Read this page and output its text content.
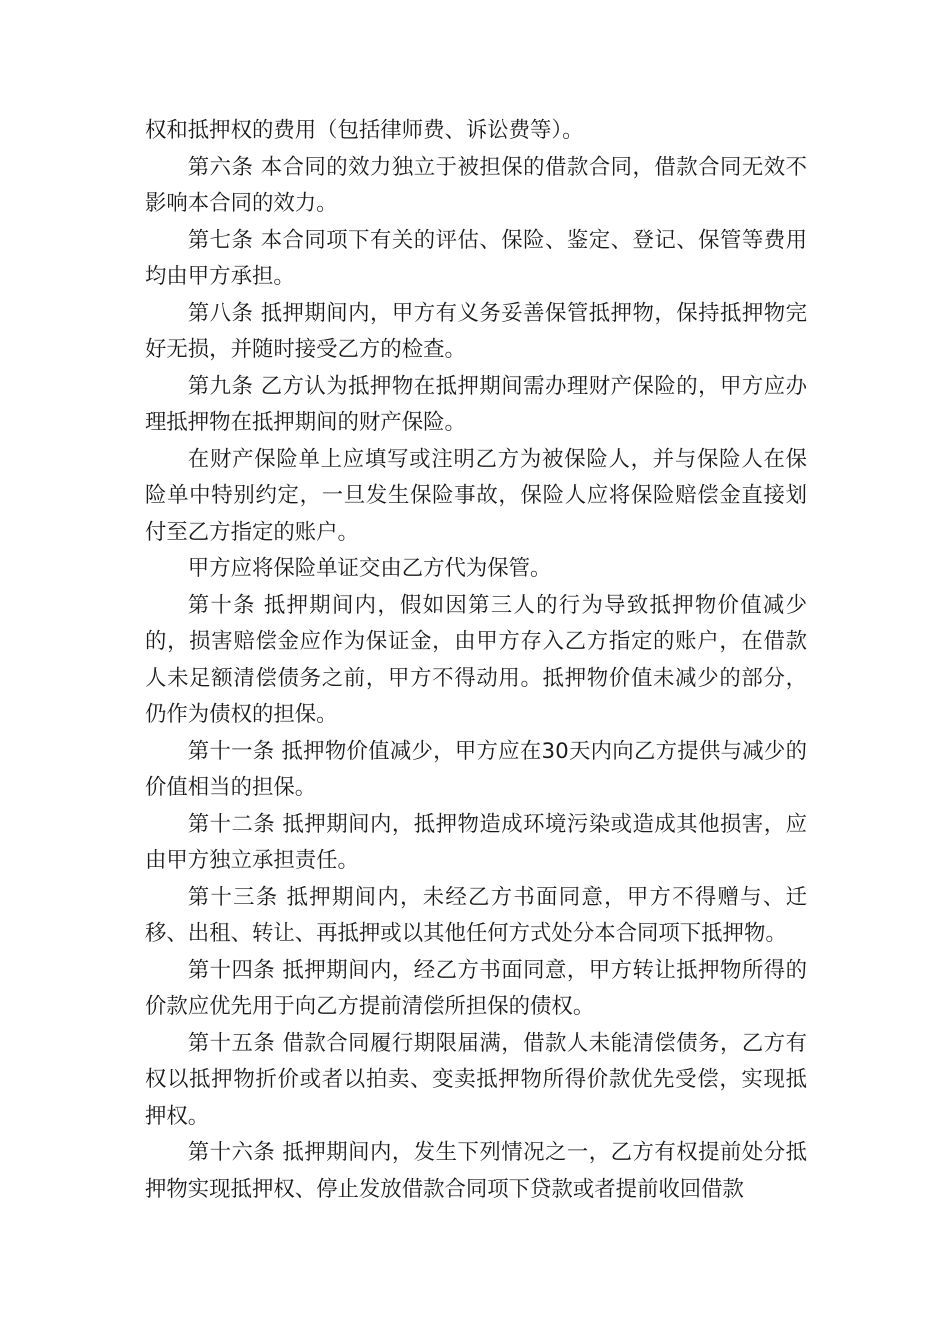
权和抵押权的费用（包括律师费、诉讼费等）。

第六条 本合同的效力独立于被担保的借款合同，借款合同无效不影响本合同的效力。

第七条 本合同项下有关的评估、保险、鉴定、登记、保管等费用均由甲方承担。

第八条 抵押期间内，甲方有义务妥善保管抵押物，保持抵押物完好无损，并随时接受乙方的检查。

第九条 乙方认为抵押物在抵押期间需办理财产保险的，甲方应办理抵押物在抵押期间的财产保险。

在财产保险单上应填写或注明乙方为被保险人，并与保险人在保险单中特别约定，一旦发生保险事故，保险人应将保险赔偿金直接划付至乙方指定的账户。

甲方应将保险单证交由乙方代为保管。

第十条 抵押期间内，假如因第三人的行为导致抵押物价值减少的，损害赔偿金应作为保证金，由甲方存入乙方指定的账户，在借款人未足额清偿债务之前，甲方不得动用。抵押物价值未减少的部分，仍作为债权的担保。

第十一条 抵押物价值减少，甲方应在30天内向乙方提供与减少的价值相当的担保。

第十二条 抵押期间内，抵押物造成环境污染或造成其他损害，应由甲方独立承担责任。

第十三条 抵押期间内，未经乙方书面同意，甲方不得赠与、迁移、出租、转让、再抵押或以其他任何方式处分本合同项下抵押物。

第十四条 抵押期间内，经乙方书面同意，甲方转让抵押物所得的价款应优先用于向乙方提前清偿所担保的债权。

第十五条 借款合同履行期限届满，借款人未能清偿债务，乙方有权以抵押物折价或者以拍卖、变卖抵押物所得价款优先受偿，实现抵押权。

第十六条 抵押期间内，发生下列情况之一，乙方有权提前处分抵押物实现抵押权、停止发放借款合同项下贷款或者提前收回借款
